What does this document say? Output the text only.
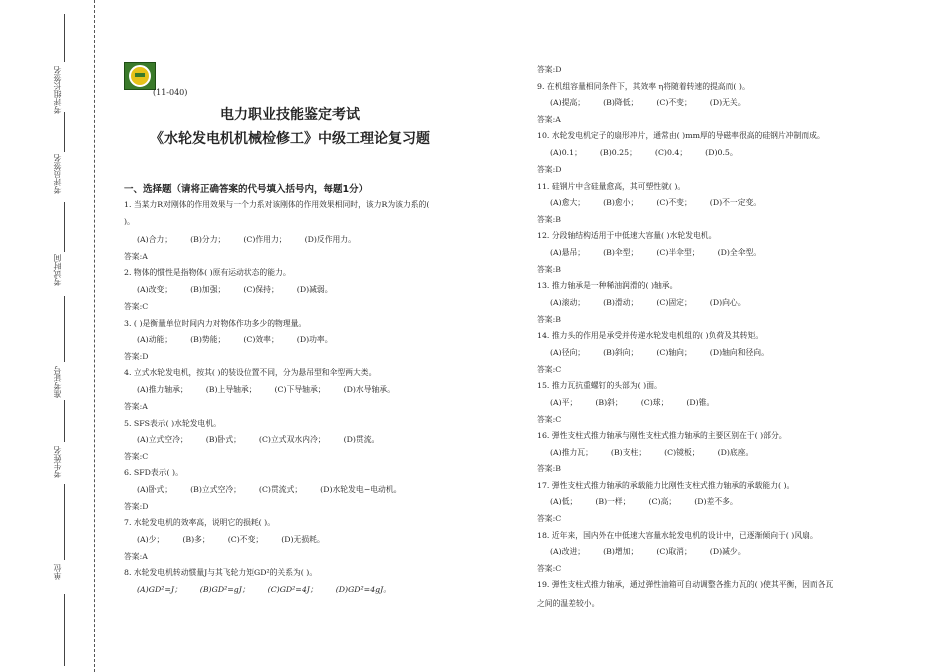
考评组长签名
考评员签名
考试时间
准考证号
考生姓名
单位
(11-040)
电力职业技能鉴定考试
《水轮发电机机械检修工》中级工理论复习题
一、选择题（请将正确答案的代号填入括号内，每题1分）
1. 当某力R对刚体的作用效果与一个力系对该刚体的作用效果相同时，该力R为该力系的(
)。
(A)合力； (B)分力； (C)作用力； (D)反作用力。
答案:A
2. 物体的惯性是指物体( )原有运动状态的能力。
(A)改变； (B)加强； (C)保持； (D)减弱。
答案:C
3. ( )是衡量单位时间内力对物体作功多少的物理量。
(A)动能； (B)势能； (C)效率； (D)功率。
答案:D
4. 立式水轮发电机，按其( )的装设位置不同，分为悬吊型和伞型两大类。
(A)推力轴承； (B)上导轴承； (C)下导轴承； (D)水导轴承。
答案:A
5. SFS表示( )水轮发电机。
(A)立式空冷； (B)卧式； (C)立式双水内冷； (D)贯流。
答案:C
6. SFD表示( )。
(A)卧式； (B)立式空冷； (C)贯流式； (D)水轮发电−电动机。
答案:D
7. 水轮发电机的效率高，说明它的损耗( )。
(A)少； (B)多； (C)不变； (D)无损耗。
答案:A
8. 水轮发电机转动惯量J与其飞轮力矩GD²的关系为( )。
(A)GD²=J； (B)GD²=gJ； (C)GD²=4J； (D)GD²=4gJ。
答案:D
9. 在机组容量相同条件下，其效率 η将随着转速的提高而( )。
(A)提高； (B)降低； (C)不变； (D)无关。
答案:A
10. 水轮发电机定子的扇形冲片，通常由( )mm厚的导磁率很高的硅钢片冲制而成。
(A)0.1； (B)0.25； (C)0.4； (D)0.5。
答案:D
11. 硅钢片中含硅量愈高，其可塑性就( )。
(A)愈大； (B)愈小； (C)不变； (D)不一定变。
答案:B
12. 分段轴结构适用于中低速大容量( )水轮发电机。
(A)悬吊； (B)伞型； (C)半伞型； (D)全伞型。
答案:B
13. 推力轴承是一种稀油润滑的( )轴承。
(A)滚动； (B)滑动； (C)固定； (D)向心。
答案:B
14. 推力头的作用是承受并传递水轮发电机组的( )负荷及其转矩。
(A)径向； (B)斜向； (C)轴向； (D)轴向和径向。
答案:C
15. 推力瓦抗重螺钉的头部为( )面。
(A)平； (B)斜； (C)球； (D)锥。
答案:C
16. 弹性支柱式推力轴承与刚性支柱式推力轴承的主要区别在于( )部分。
(A)推力瓦； (B)支柱； (C)镜板； (D)底座。
答案:B
17. 弹性支柱式推力轴承的承载能力比刚性支柱式推力轴承的承载能力( )。
(A)低； (B)一样； (C)高； (D)差不多。
答案:C
18. 近年来，国内外在中低速大容量水轮发电机的设计中，已逐渐倾向于( )风扇。
(A)改进； (B)增加； (C)取消； (D)减少。
答案:C
19. 弹性支柱式推力轴承，通过弹性油箱可自动调整各推力瓦的( )使其平衡，因而各瓦
之间的温差较小。
